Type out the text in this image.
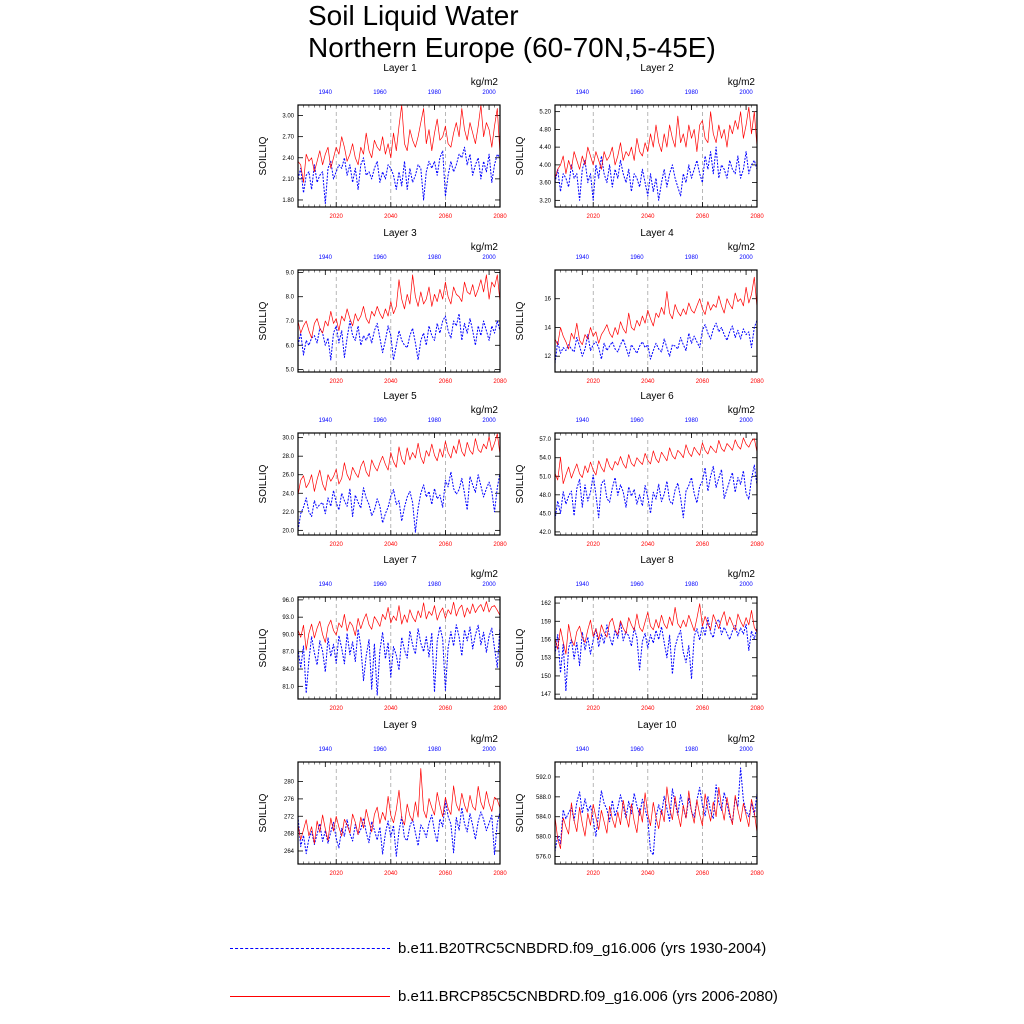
Soil Liquid Water
Northern Europe (60-70N,5-45E)
Layer 1
kg/m2
SOILLIQ
1.80
2.10
2.40
2.70
3.00
2020	2040	2060	2080
1940	1960	1980	2000
Layer 2
kg/m2
SOILLIQ
3.20
3.60
4.00
4.40
4.80
5.20
2020	2040	2060	2080
1940	1960	1980	2000
Layer 3
kg/m2
SOILLIQ
5.0
6.0
7.0
8.0
9.0
2020	2040	2060	2080
1940	1960	1980	2000
Layer 4
kg/m2
SOILLIQ
12
14
16
2020	2040	2060	2080
1940	1960	1980	2000
Layer 5
kg/m2
SOILLIQ
20.0
22.0
24.0
26.0
28.0
30.0
2020	2040	2060	2080
1940	1960	1980	2000
Layer 6
kg/m2
SOILLIQ
42.0
45.0
48.0
51.0
54.0
57.0
2020	2040	2060	2080
1940	1960	1980	2000
Layer 7
kg/m2
SOILLIQ
81.0
84.0
87.0
90.0
93.0
96.0
2020	2040	2060	2080
1940	1960	1980	2000
Layer 8
kg/m2
SOILLIQ
147
150
153
156
159
162
2020	2040	2060	2080
1940	1960	1980	2000
Layer 9
kg/m2
SOILLIQ
264
268
272
276
280
2020	2040	2060	2080
1940	1960	1980	2000
Layer 10
kg/m2
SOILLIQ
576.0
580.0
584.0
588.0
592.0
2020	2040	2060	2080
1940	1960	1980	2000
b.e11.B20TRC5CNBDRD.f09_g16.006 (yrs 1930-2004)
b.e11.BRCP85C5CNBDRD.f09_g16.006 (yrs 2006-2080)
